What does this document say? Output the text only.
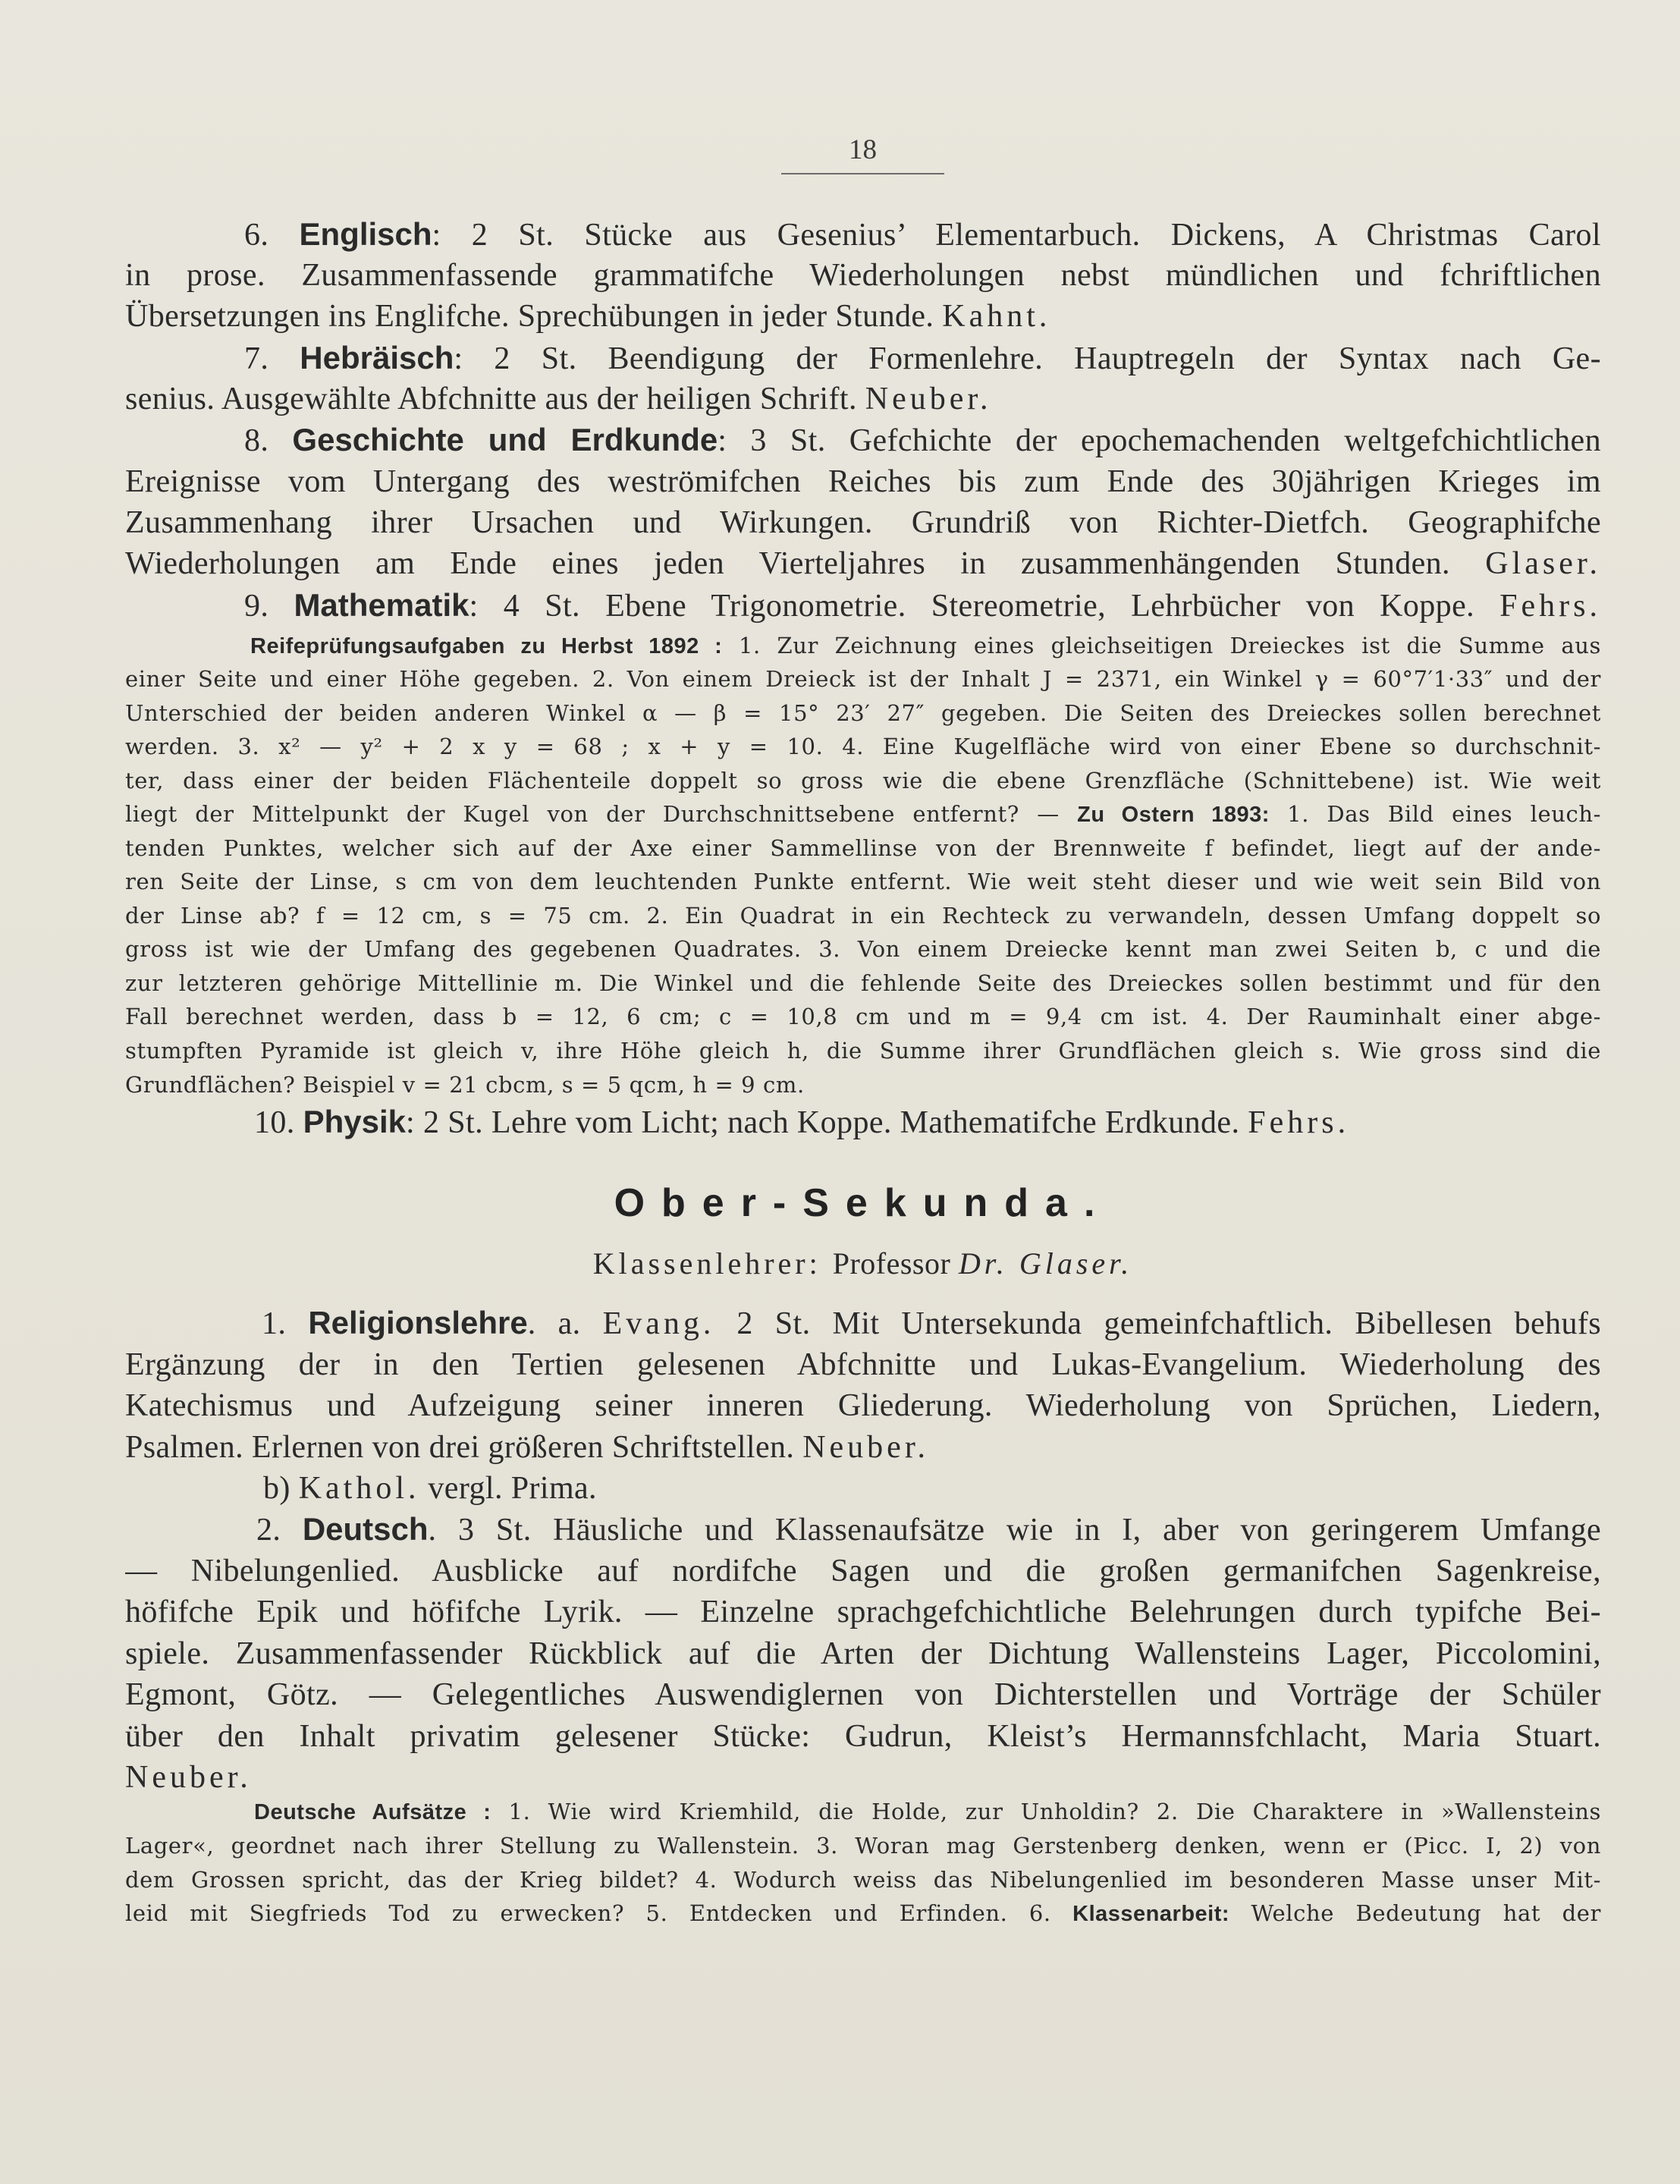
18
6. Englisch: 2 St. Stücke aus Gesenius’ Elementarbuch. Dickens, A Christmas Carol
in prose. Zusammenfassende grammatifche Wiederholungen nebst mündlichen und fchriftlichen
Übersetzungen ins Englifche. Sprechübungen in jeder Stunde. Kahnt.
7. Hebräisch: 2 St. Beendigung der Formenlehre. Hauptregeln der Syntax nach Ge-
senius. Ausgewählte Abfchnitte aus der heiligen Schrift. Neuber.
8. Geschichte und Erdkunde: 3 St. Gefchichte der epochemachenden weltgefchichtlichen
Ereignisse vom Untergang des weströmifchen Reiches bis zum Ende des 30jährigen Krieges im
Zusammenhang ihrer Ursachen und Wirkungen. Grundriß von Richter-Dietfch. Geographifche
Wiederholungen am Ende eines jeden Vierteljahres in zusammenhängenden Stunden. Glaser.
9. Mathematik: 4 St. Ebene Trigonometrie. Stereometrie, Lehrbücher von Koppe. Fehrs.
Reifeprüfungsaufgaben zu Herbst 1892 : 1. Zur Zeichnung eines gleichseitigen Dreieckes ist die Summe aus
einer Seite und einer Höhe gegeben. 2. Von einem Dreieck ist der Inhalt J = 2371, ein Winkel γ = 60°7′1·33″ und der
Unterschied der beiden anderen Winkel α — β = 15° 23′ 27″ gegeben. Die Seiten des Dreieckes sollen berechnet
werden. 3. x² — y² + 2 x y = 68 ; x + y = 10. 4. Eine Kugelfläche wird von einer Ebene so durchschnit-
ter, dass einer der beiden Flächenteile doppelt so gross wie die ebene Grenzfläche (Schnittebene) ist. Wie weit
liegt der Mittelpunkt der Kugel von der Durchschnittsebene entfernt? — Zu Ostern 1893: 1. Das Bild eines leuch-
tenden Punktes, welcher sich auf der Axe einer Sammellinse von der Brennweite f befindet, liegt auf der ande-
ren Seite der Linse, s cm von dem leuchtenden Punkte entfernt. Wie weit steht dieser und wie weit sein Bild von
der Linse ab? f = 12 cm, s = 75 cm. 2. Ein Quadrat in ein Rechteck zu verwandeln, dessen Umfang doppelt so
gross ist wie der Umfang des gegebenen Quadrates. 3. Von einem Dreiecke kennt man zwei Seiten b, c und die
zur letzteren gehörige Mittellinie m. Die Winkel und die fehlende Seite des Dreieckes sollen bestimmt und für den
Fall berechnet werden, dass b = 12, 6 cm; c = 10,8 cm und m = 9,4 cm ist. 4. Der Rauminhalt einer abge-
stumpften Pyramide ist gleich v, ihre Höhe gleich h, die Summe ihrer Grundflächen gleich s. Wie gross sind die
Grundflächen? Beispiel v = 21 cbcm, s = 5 qcm, h = 9 cm.
10. Physik: 2 St. Lehre vom Licht; nach Koppe. Mathematifche Erdkunde. Fehrs.
Ober-Sekunda.
Klassenlehrer: Professor Dr. Glaser.
1. Religionslehre. a. Evang. 2 St. Mit Untersekunda gemeinfchaftlich. Bibellesen behufs
Ergänzung der in den Tertien gelesenen Abfchnitte und Lukas-Evangelium. Wiederholung des
Katechismus und Aufzeigung seiner inneren Gliederung. Wiederholung von Sprüchen, Liedern,
Psalmen. Erlernen von drei größeren Schriftstellen. Neuber.
b) Kathol. vergl. Prima.
2. Deutsch. 3 St. Häusliche und Klassenaufsätze wie in I, aber von geringerem Umfange
— Nibelungenlied. Ausblicke auf nordifche Sagen und die großen germanifchen Sagenkreise,
höfifche Epik und höfifche Lyrik. — Einzelne sprachgefchichtliche Belehrungen durch typifche Bei-
spiele. Zusammenfassender Rückblick auf die Arten der Dichtung Wallensteins Lager, Piccolomini,
Egmont, Götz. — Gelegentliches Auswendiglernen von Dichterstellen und Vorträge der Schüler
über den Inhalt privatim gelesener Stücke: Gudrun, Kleist’s Hermannsfchlacht, Maria Stuart.
Neuber.
Deutsche Aufsätze : 1. Wie wird Kriemhild, die Holde, zur Unholdin? 2. Die Charaktere in »Wallensteins
Lager«, geordnet nach ihrer Stellung zu Wallenstein. 3. Woran mag Gerstenberg denken, wenn er (Picc. I, 2) von
dem Grossen spricht, das der Krieg bildet? 4. Wodurch weiss das Nibelungenlied im besonderen Masse unser Mit-
leid mit Siegfrieds Tod zu erwecken? 5. Entdecken und Erfinden. 6. Klassenarbeit: Welche Bedeutung hat der
